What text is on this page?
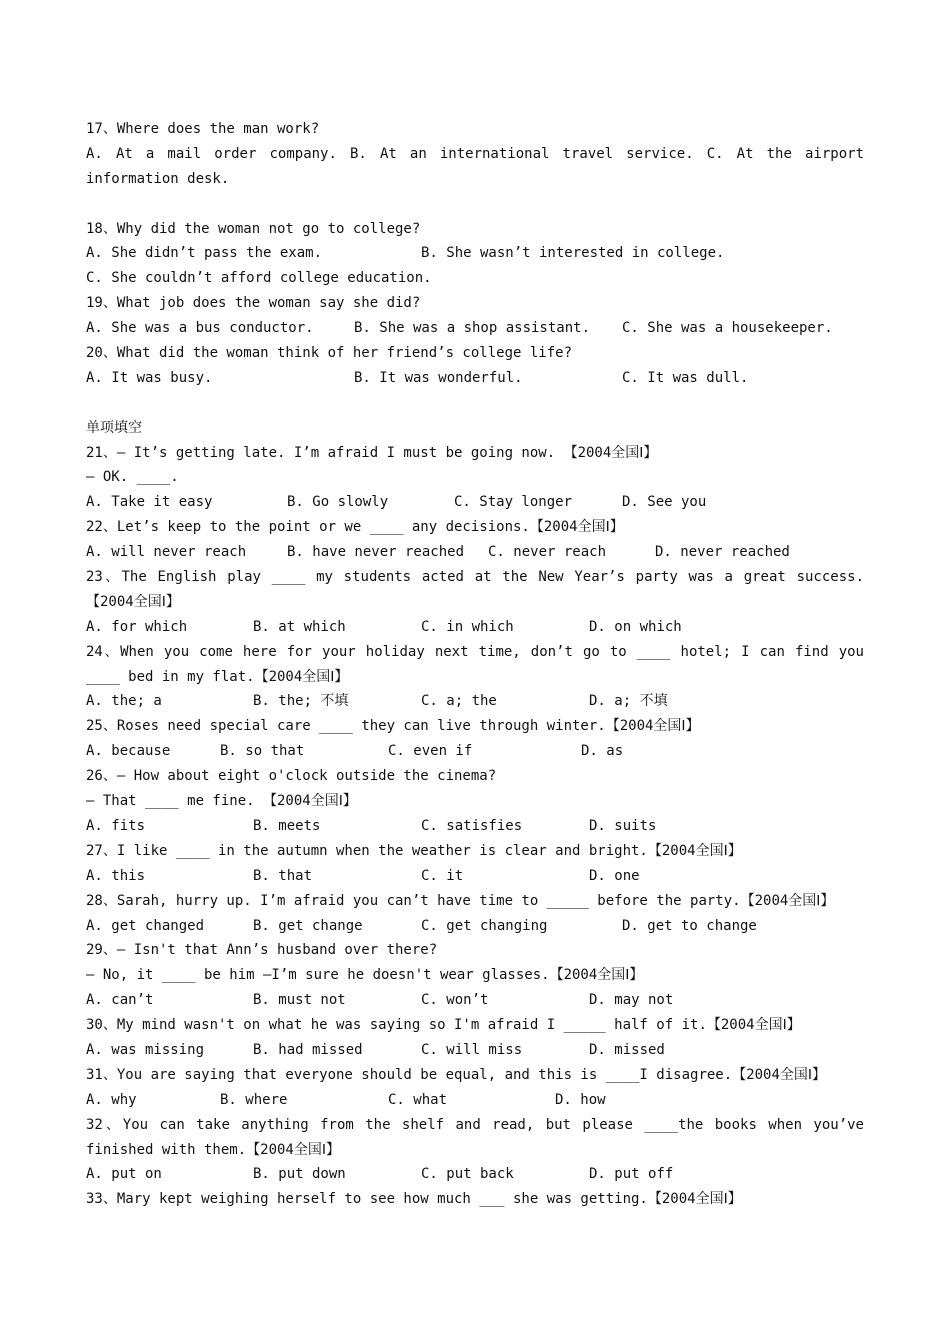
17、Where does the man work?
A. At a mail order company. B. At an international travel service. C. At the airport
information desk.
18、Why did the woman not go to college?
A. She didn’t pass the exam.	B. She wasn’t interested in college.
C. She couldn’t afford college education.
19、What job does the woman say she did?
A. She was a bus conductor.	B. She was a shop assistant.	C. She was a housekeeper.
20、What did the woman think of her friend’s college life?
A. It was busy.	B. It was wonderful.	C. It was dull.
单项填空
21、— It’s getting late. I’m afraid I must be going now. 【2004全国Ⅰ】
— OK. ____.
A. Take it easy	B. Go slowly	C. Stay longer	D. See you
22、Let’s keep to the point or we ____ any decisions.【2004全国Ⅰ】
A. will never reach	B. have never reached	C. never reach	D. never reached
23、The English play ____ my students acted at the New Year’s party was a great success.
【2004全国Ⅰ】
A. for which	B. at which	C. in which	D. on which
24、When you come here for your holiday next time, don’t go to ____ hotel; I can find you
____ bed in my flat.【2004全国Ⅰ】
A. the; a	B. the; 不填	C. a; the	D. a; 不填
25、Roses need special care ____ they can live through winter.【2004全国Ⅰ】
A. because	B. so that	C. even if	D. as
26、— How about eight o'clock outside the cinema?
— That ____ me fine. 【2004全国Ⅰ】
A. fits	B. meets	C. satisfies	D. suits
27、I like ____ in the autumn when the weather is clear and bright.【2004全国Ⅰ】
A. this	B. that	C. it	D. one
28、Sarah, hurry up. I’m afraid you can’t have time to _____ before the party.【2004全国Ⅰ】
A. get changed	B. get change	C. get changing	D. get to change
29、— Isn't that Ann’s husband over there?
— No, it ____ be him —I’m sure he doesn't wear glasses.【2004全国Ⅰ】
A. can’t	B. must not	C. won’t	D. may not
30、My mind wasn't on what he was saying so I'm afraid I _____ half of it.【2004全国Ⅰ】
A. was missing	B. had missed	C. will miss	D. missed
31、You are saying that everyone should be equal, and this is ____I disagree.【2004全国Ⅰ】
A. why	B. where	C. what	D. how
32、You can take anything from the shelf and read, but please ____the books when you’ve
finished with them.【2004全国Ⅰ】
A. put on	B. put down	C. put back	D. put off
33、Mary kept weighing herself to see how much ___ she was getting.【2004全国Ⅰ】
